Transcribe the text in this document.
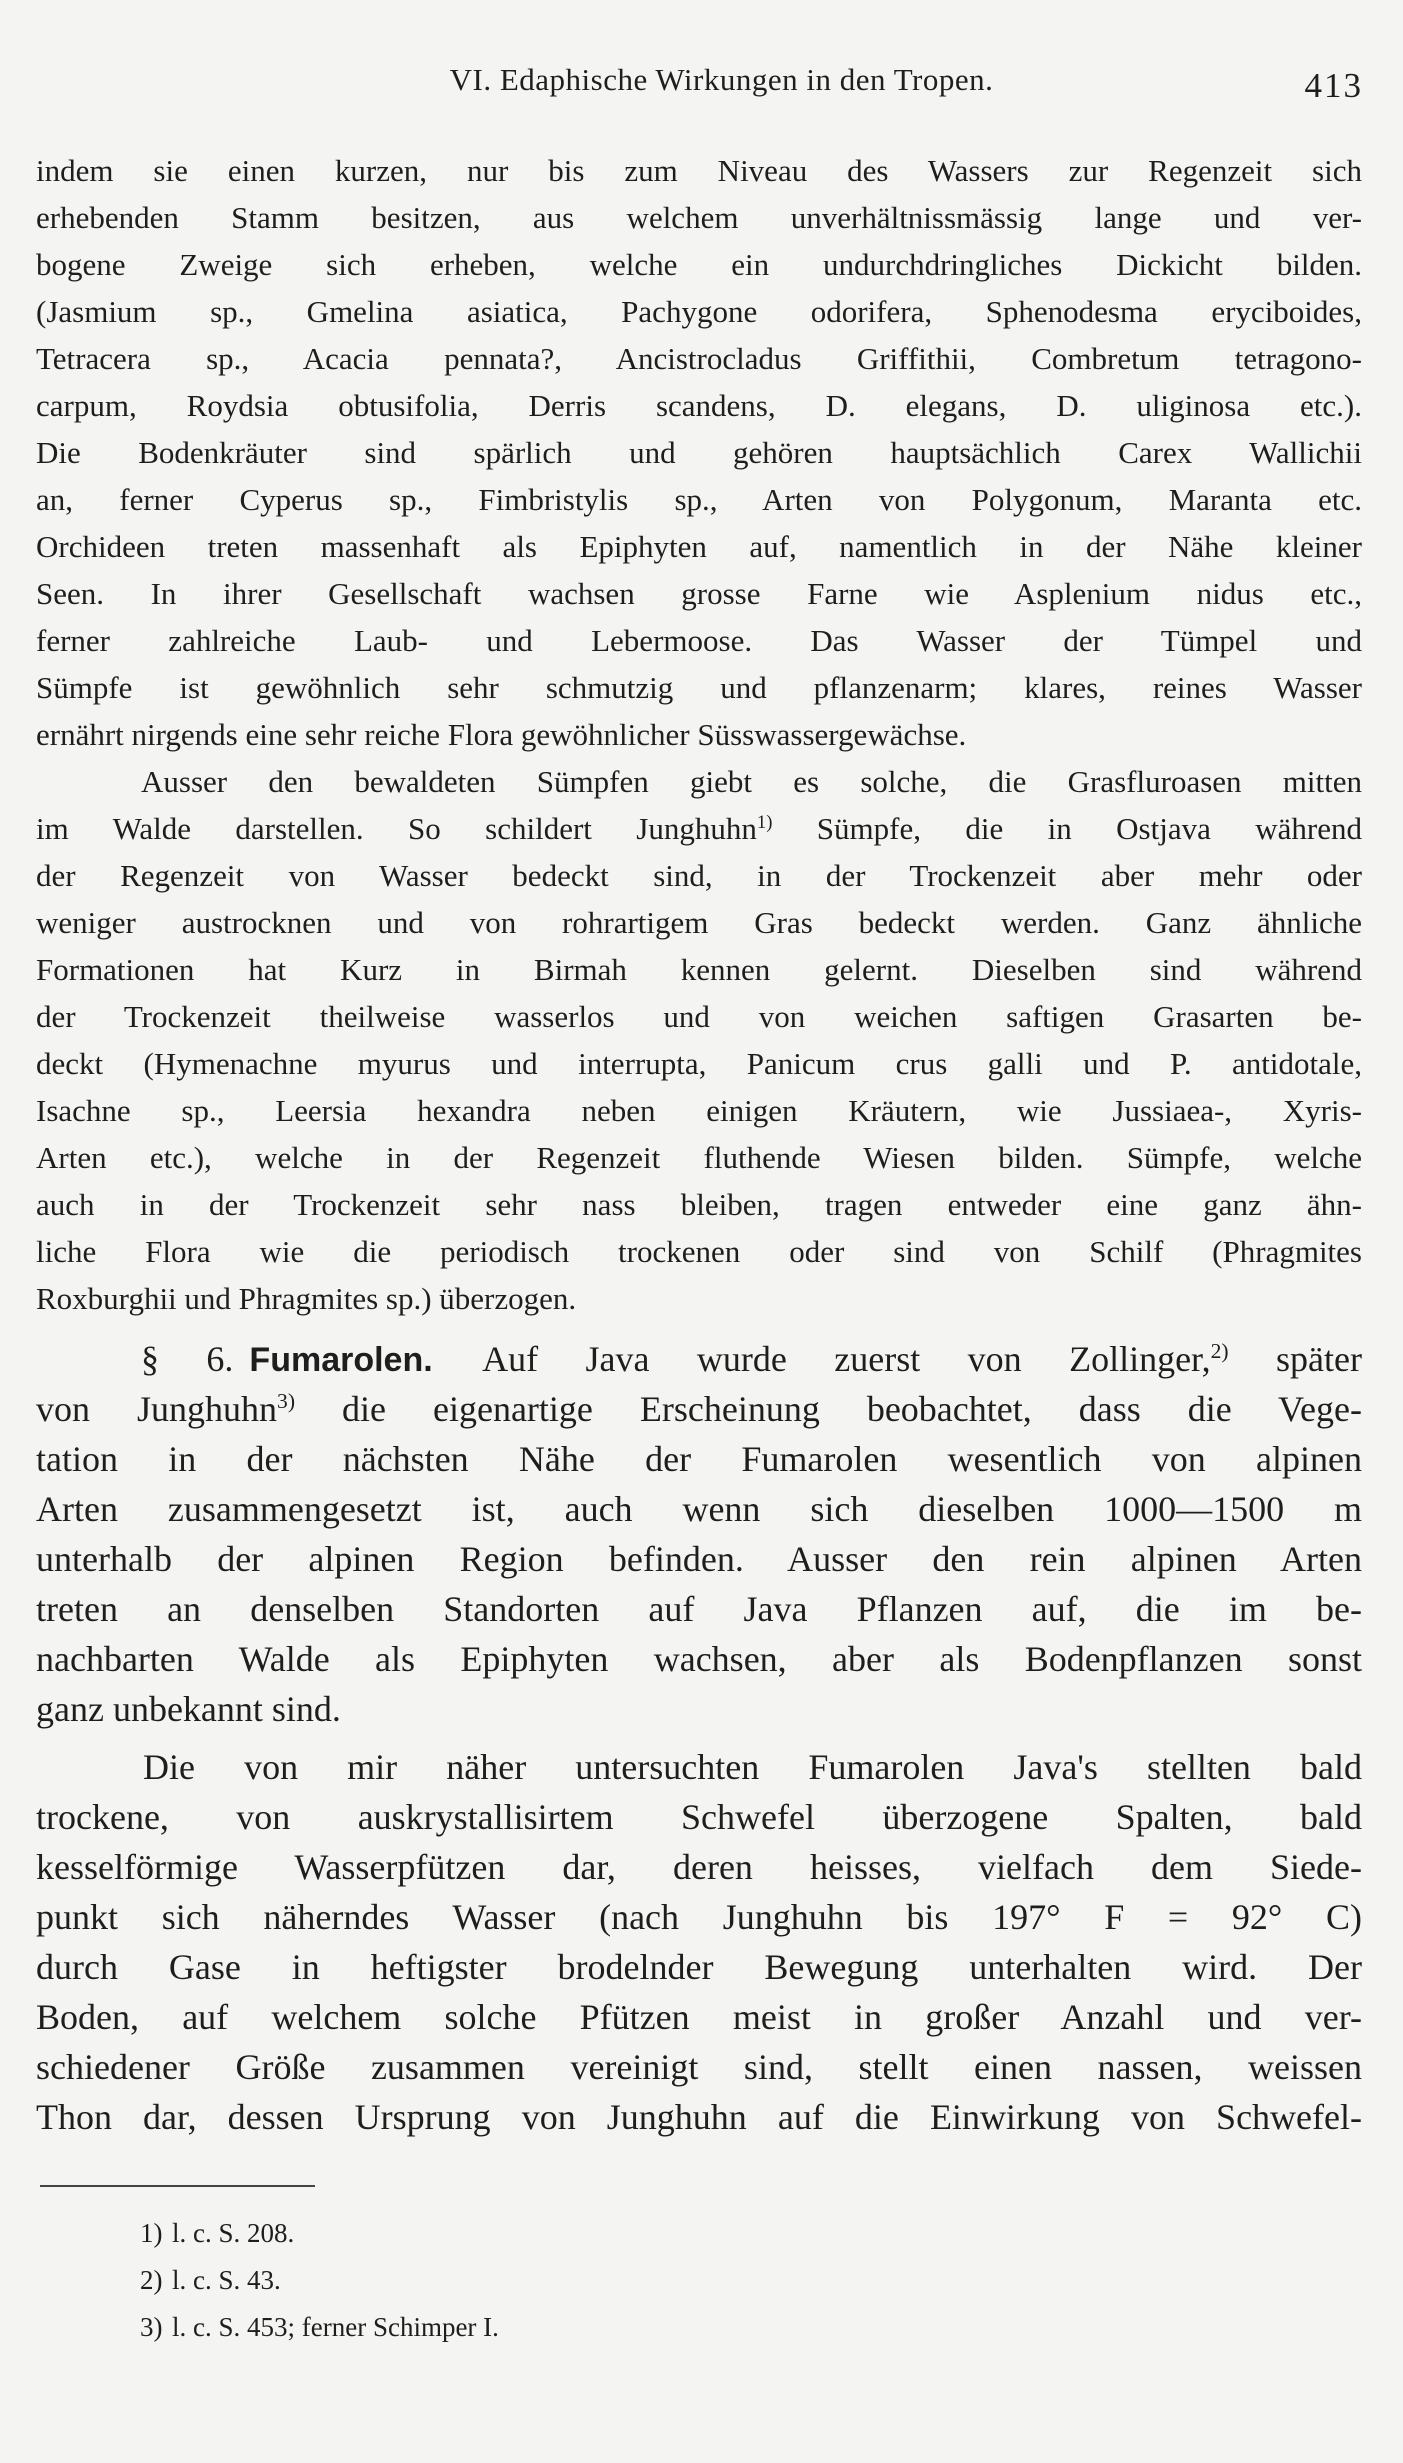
VI. Edaphische Wirkungen in den Tropen.	413
indem sie einen kurzen, nur bis zum Niveau des Wassers zur Regenzeit sich
erhebenden Stamm besitzen, aus welchem unverhältnissmässig lange und ver-
bogene Zweige sich erheben, welche ein undurchdringliches Dickicht bilden.
(Jasmium sp., Gmelina asiatica, Pachygone odorifera, Sphenodesma eryciboides,
Tetracera sp., Acacia pennata?, Ancistrocladus Griffithii, Combretum tetragono-
carpum, Roydsia obtusifolia, Derris scandens, D. elegans, D. uliginosa etc.).
Die Bodenkräuter sind spärlich und gehören hauptsächlich Carex Wallichii
an, ferner Cyperus sp., Fimbristylis sp., Arten von Polygonum, Maranta etc.
Orchideen treten massenhaft als Epiphyten auf, namentlich in der Nähe kleiner
Seen. In ihrer Gesellschaft wachsen grosse Farne wie Asplenium nidus etc.,
ferner zahlreiche Laub- und Lebermoose. Das Wasser der Tümpel und
Sümpfe ist gewöhnlich sehr schmutzig und pflanzenarm; klares, reines Wasser
ernährt nirgends eine sehr reiche Flora gewöhnlicher Süsswassergewächse.
Ausser den bewaldeten Sümpfen giebt es solche, die Grasfluroasen mitten
im Walde darstellen. So schildert Junghuhn$^{1)}$ Sümpfe, die in Ostjava während
der Regenzeit von Wasser bedeckt sind, in der Trockenzeit aber mehr oder
weniger austrocknen und von rohrartigem Gras bedeckt werden. Ganz ähnliche
Formationen hat Kurz in Birmah kennen gelernt. Dieselben sind während
der Trockenzeit theilweise wasserlos und von weichen saftigen Grasarten be-
deckt (Hymenachne myurus und interrupta, Panicum crus galli und P. antidotale,
Isachne sp., Leersia hexandra neben einigen Kräutern, wie Jussiaea-, Xyris-
Arten etc.), welche in der Regenzeit fluthende Wiesen bilden. Sümpfe, welche
auch in der Trockenzeit sehr nass bleiben, tragen entweder eine ganz ähn-
liche Flora wie die periodisch trockenen oder sind von Schilf (Phragmites
Roxburghii und Phragmites sp.) überzogen.
§ 6. Fumarolen. Auf Java wurde zuerst von Zollinger,$^{2)}$ später
von Junghuhn$^{3)}$ die eigenartige Erscheinung beobachtet, dass die Vege-
tation in der nächsten Nähe der Fumarolen wesentlich von alpinen
Arten zusammengesetzt ist, auch wenn sich dieselben 1000—1500 m
unterhalb der alpinen Region befinden. Ausser den rein alpinen Arten
treten an denselben Standorten auf Java Pflanzen auf, die im be-
nachbarten Walde als Epiphyten wachsen, aber als Bodenpflanzen sonst
ganz unbekannt sind.
Die von mir näher untersuchten Fumarolen Java's stellten bald
trockene, von auskrystallisirtem Schwefel überzogene Spalten, bald
kesselförmige Wasserpfützen dar, deren heisses, vielfach dem Siede-
punkt sich näherndes Wasser (nach Junghuhn bis 197° F = 92° C)
durch Gase in heftigster brodelnder Bewegung unterhalten wird. Der
Boden, auf welchem solche Pfützen meist in großer Anzahl und ver-
schiedener Größe zusammen vereinigt sind, stellt einen nassen, weissen
Thon dar, dessen Ursprung von Junghuhn auf die Einwirkung von Schwefel-
1) l. c. S. 208.
2) l. c. S. 43.
3) l. c. S. 453; ferner Schimper I.
